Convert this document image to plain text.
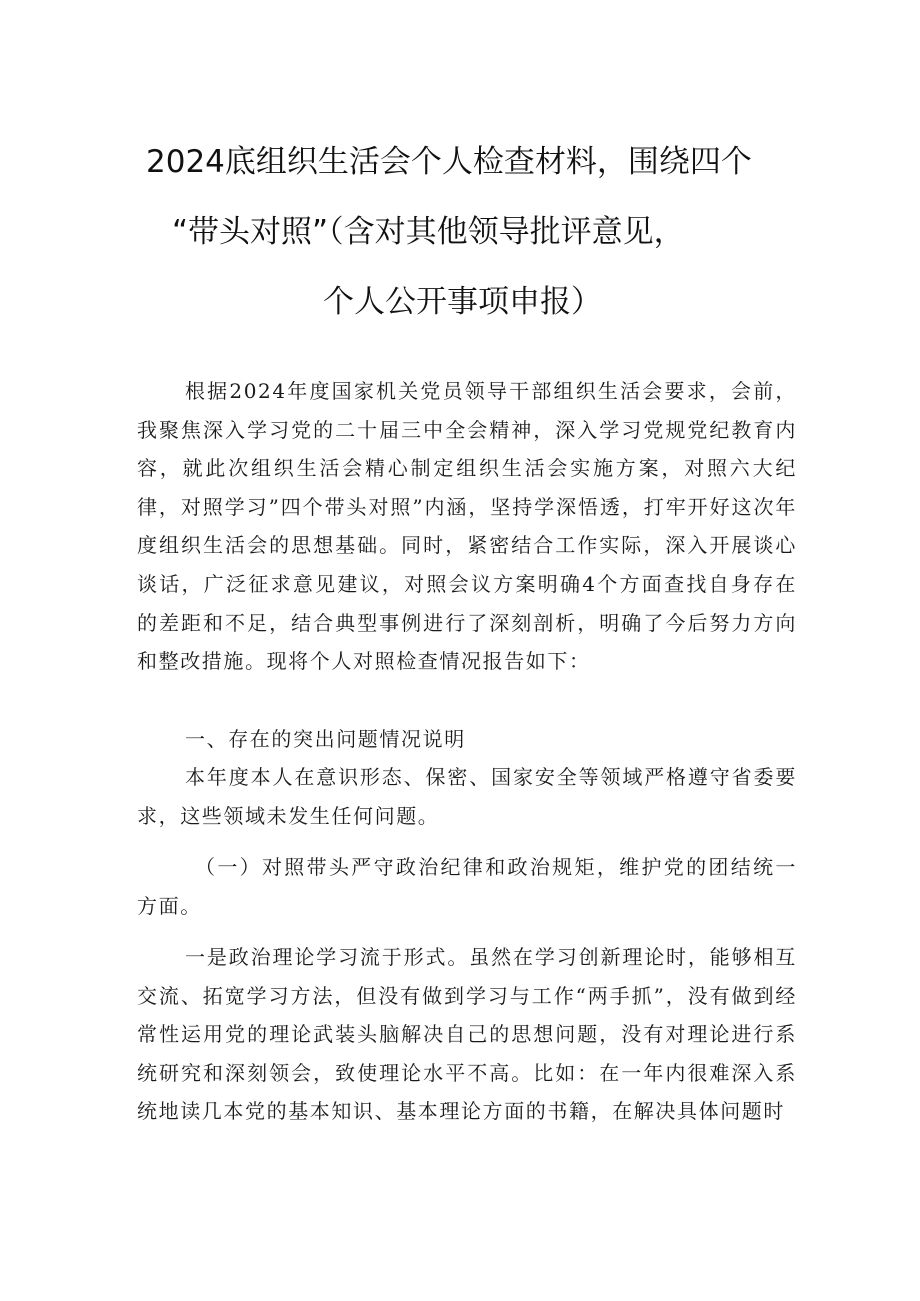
2024底组织生活会个人检查材料，围绕四个
“带头对照”（含对其他领导批评意见，
个人公开事项申报）

根据2024年度国家机关党员领导干部组织生活会要求，会前，我聚焦深入学习党的二十届三中全会精神，深入学习党规党纪教育内容，就此次组织生活会精心制定组织生活会实施方案，对照六大纪律，对照学习”四个带头对照”内涵，坚持学深悟透，打牢开好这次年度组织生活会的思想基础。同时，紧密结合工作实际，深入开展谈心谈话，广泛征求意见建议，对照会议方案明确4个方面查找自身存在的差距和不足，结合典型事例进行了深刻剖析，明确了今后努力方向和整改措施。现将个人对照检查情况报告如下：

一、存在的突出问题情况说明

本年度本人在意识形态、保密、国家安全等领域严格遵守省委要求，这些领域未发生任何问题。

（一）对照带头严守政治纪律和政治规矩，维护党的团结统一方面。

一是政治理论学习流于形式。虽然在学习创新理论时，能够相互交流、拓宽学习方法，但没有做到学习与工作“两手抓”，没有做到经常性运用党的理论武装头脑解决自己的思想问题，没有对理论进行系统研究和深刻领会，致使理论水平不高。比如：在一年内很难深入系统地读几本党的基本知识、基本理论方面的书籍，在解决具体问题时
